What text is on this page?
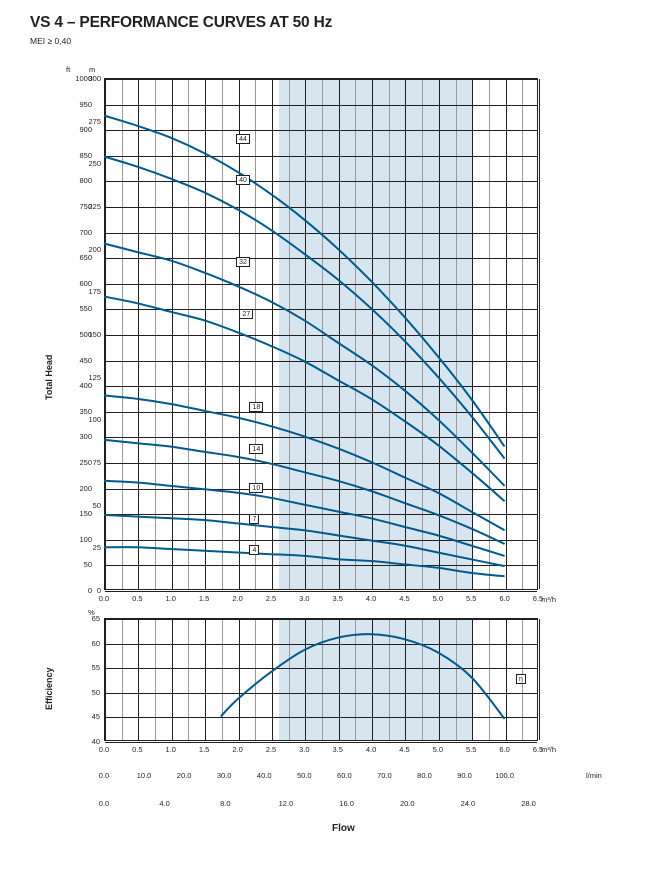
VS 4 – PERFORMANCE CURVES AT 50 Hz
MEI ≥ 0,40
Total Head
ft	m
m³/h
0
50
100
150
200
250
300
350
400
450
500
550
600
650
700
750
800
850
900
950
1000
0
25
50
75
100
125
150
175
200
225
250
275
300
0.0	0.5	1.0	1.5	2.0	2.5	3.0	3.5	4.0	4.5	5.0	5.5	6.0	6.5
44
40
32
27
18
14
10
7
4
Efficiency
%
m³/h
40
45
50
55
60
65
0.0	0.5	1.0	1.5	2.0	2.5	3.0	3.5	4.0	4.5	5.0	5.5	6.0	6.5
η
0.0	10.0	20.0	30.0	40.0	50.0	60.0	70.0	80.0	90.0	100.0	l/min
0.0	4.0	8.0	12.0	16.0	20.0	24.0	28.0
Flow
